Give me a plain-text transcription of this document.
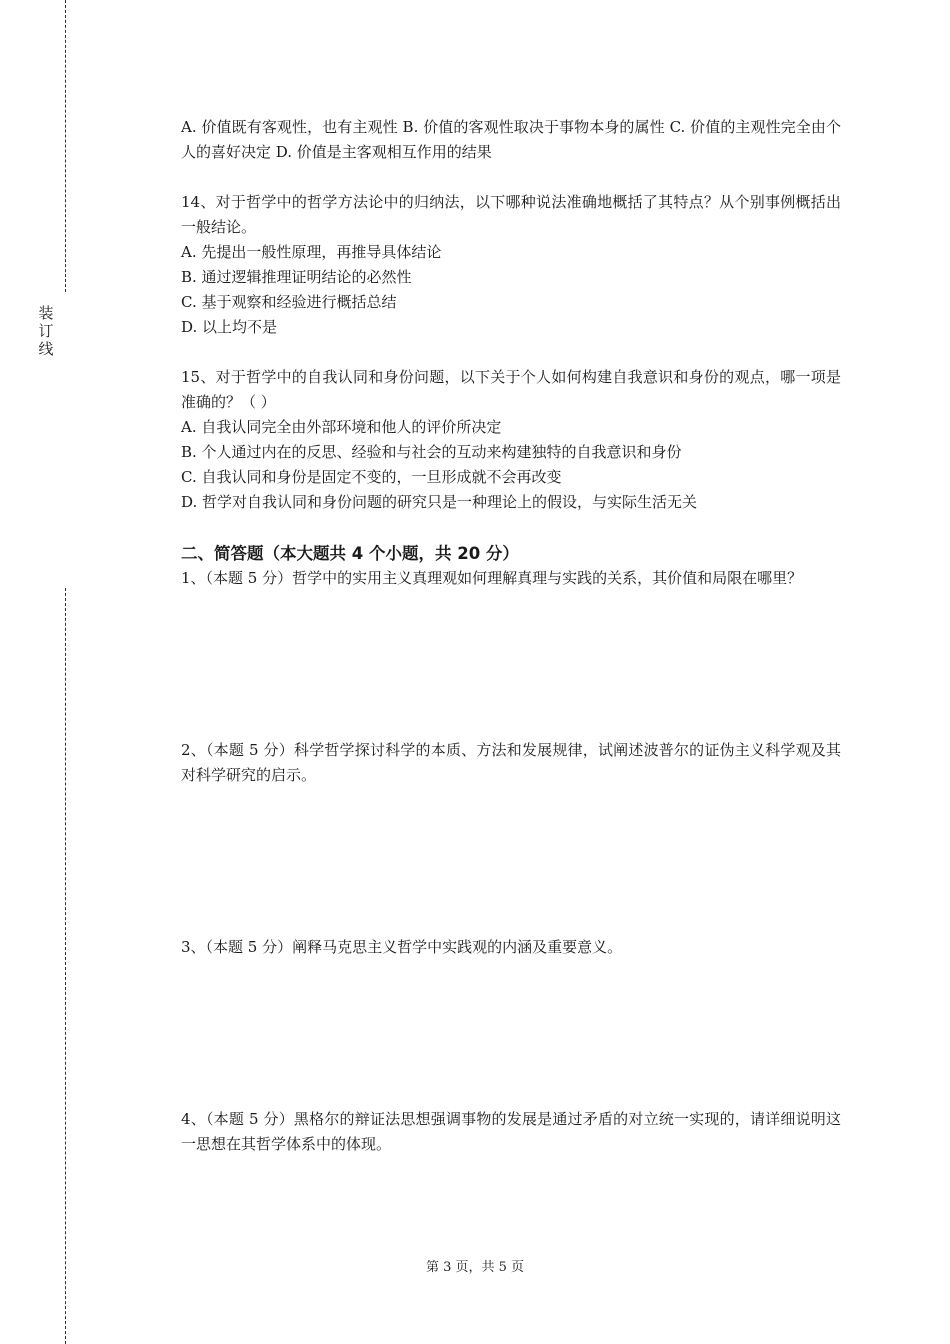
装
订
线

A. 价值既有客观性，也有主观性 B. 价值的客观性取决于事物本身的属性 C. 价值的主观性完全由个人的喜好决定 D. 价值是主客观相互作用的结果

14、对于哲学中的哲学方法论中的归纳法，以下哪种说法准确地概括了其特点？从个别事例概括出一般结论。

A. 先提出一般性原理，再推导具体结论

B. 通过逻辑推理证明结论的必然性

C. 基于观察和经验进行概括总结

D. 以上均不是

15、对于哲学中的自我认同和身份问题，以下关于个人如何构建自我意识和身份的观点，哪一项是准确的？（ ）

A. 自我认同完全由外部环境和他人的评价所决定

B. 个人通过内在的反思、经验和与社会的互动来构建独特的自我意识和身份

C. 自我认同和身份是固定不变的，一旦形成就不会再改变

D. 哲学对自我认同和身份问题的研究只是一种理论上的假设，与实际生活无关

二、简答题（本大题共 4 个小题，共 20 分）

1、（本题 5 分）哲学中的实用主义真理观如何理解真理与实践的关系，其价值和局限在哪里？

2、（本题 5 分）科学哲学探讨科学的本质、方法和发展规律，试阐述波普尔的证伪主义科学观及其对科学研究的启示。

3、（本题 5 分）阐释马克思主义哲学中实践观的内涵及重要意义。

4、（本题 5 分）黑格尔的辩证法思想强调事物的发展是通过矛盾的对立统一实现的，请详细说明这一思想在其哲学体系中的体现。

第 3 页，共 5 页
